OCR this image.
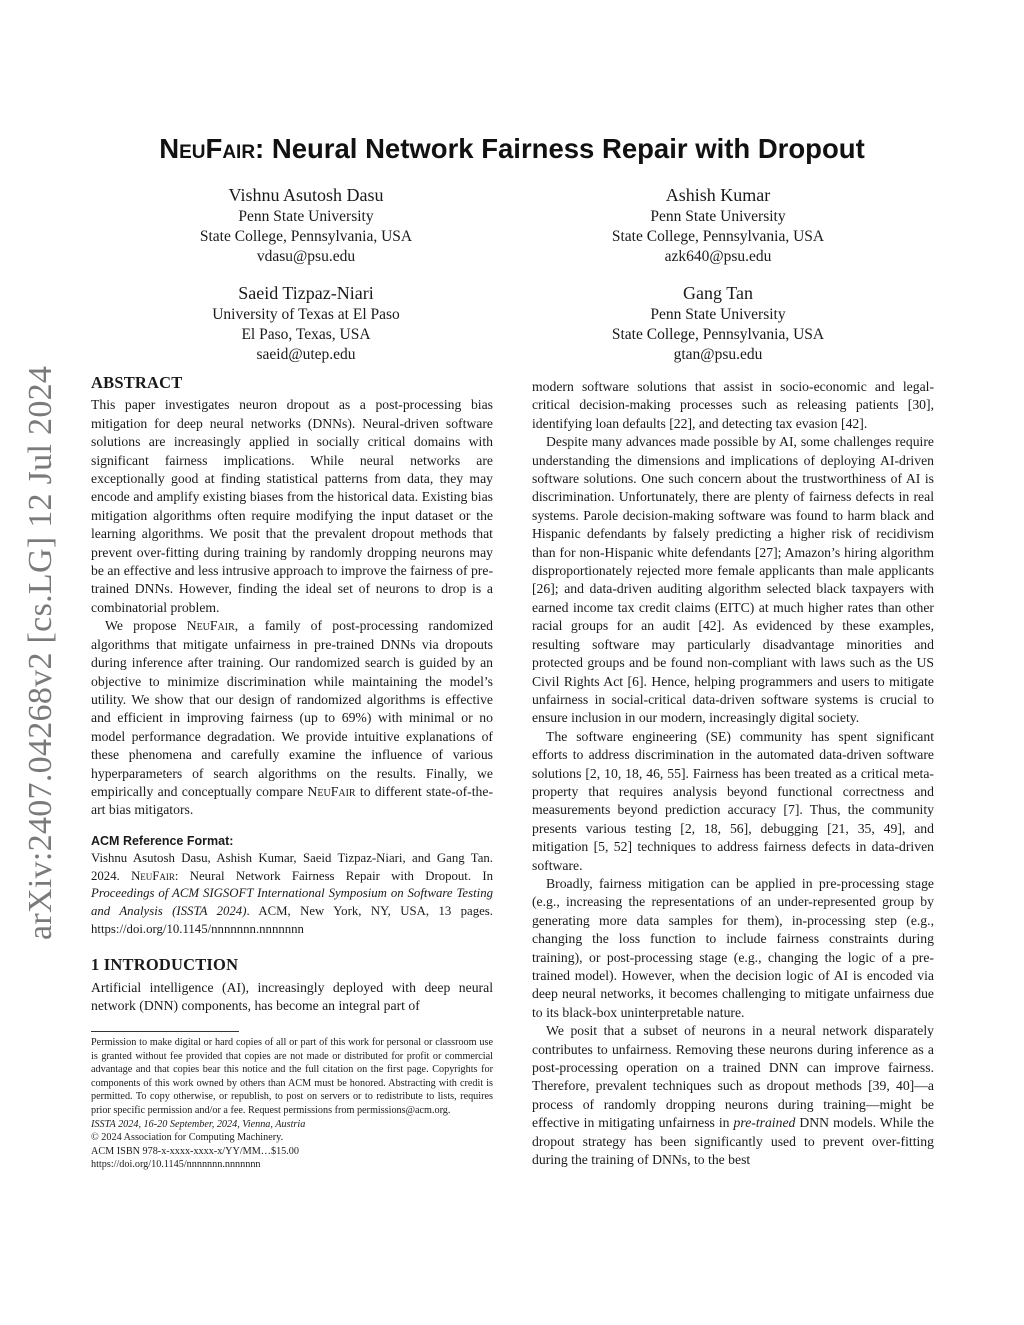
arXiv:2407.04268v2 [cs.LG] 12 Jul 2024
NeuFair: Neural Network Fairness Repair with Dropout
Vishnu Asutosh Dasu
Penn State University
State College, Pennsylvania, USA
vdasu@psu.edu
Ashish Kumar
Penn State University
State College, Pennsylvania, USA
azk640@psu.edu
Saeid Tizpaz-Niari
University of Texas at El Paso
El Paso, Texas, USA
saeid@utep.edu
Gang Tan
Penn State University
State College, Pennsylvania, USA
gtan@psu.edu
ABSTRACT

This paper investigates neuron dropout as a post-processing bias mitigation for deep neural networks (DNNs). Neural-driven software solutions are increasingly applied in socially critical domains with significant fairness implications. While neural networks are exceptionally good at finding statistical patterns from data, they may encode and amplify existing biases from the historical data. Existing bias mitigation algorithms often require modifying the input dataset or the learning algorithms. We posit that the prevalent dropout methods that prevent over-fitting during training by randomly dropping neurons may be an effective and less intrusive approach to improve the fairness of pre-trained DNNs. However, finding the ideal set of neurons to drop is a combinatorial problem.

We propose NeuFair, a family of post-processing randomized algorithms that mitigate unfairness in pre-trained DNNs via dropouts during inference after training. Our randomized search is guided by an objective to minimize discrimination while maintaining the model’s utility. We show that our design of randomized algorithms is effective and efficient in improving fairness (up to 69%) with minimal or no model performance degradation. We provide intuitive explanations of these phenomena and carefully examine the influence of various hyperparameters of search algorithms on the results. Finally, we empirically and conceptually compare NeuFair to different state-of-the-art bias mitigators.

ACM Reference Format:
Vishnu Asutosh Dasu, Ashish Kumar, Saeid Tizpaz-Niari, and Gang Tan. 2024. NeuFair: Neural Network Fairness Repair with Dropout. In Proceedings of ACM SIGSOFT International Symposium on Software Testing and Analysis (ISSTA 2024). ACM, New York, NY, USA, 13 pages. https://doi.org/10.1145/nnnnnnn.nnnnnnn
1 INTRODUCTION

Artificial intelligence (AI), increasingly deployed with deep neural network (DNN) components, has become an integral part of

Permission to make digital or hard copies of all or part of this work for personal or classroom use is granted without fee provided that copies are not made or distributed for profit or commercial advantage and that copies bear this notice and the full citation on the first page. Copyrights for components of this work owned by others than ACM must be honored. Abstracting with credit is permitted. To copy otherwise, or republish, to post on servers or to redistribute to lists, requires prior specific permission and/or a fee. Request permissions from permissions@acm.org.
ISSTA 2024, 16-20 September, 2024, Vienna, Austria
© 2024 Association for Computing Machinery.
ACM ISBN 978-x-xxxx-xxxx-x/YY/MM…$15.00
https://doi.org/10.1145/nnnnnnn.nnnnnnn

modern software solutions that assist in socio-economic and legal-critical decision-making processes such as releasing patients [30], identifying loan defaults [22], and detecting tax evasion [42].

Despite many advances made possible by AI, some challenges require understanding the dimensions and implications of deploying AI-driven software solutions. One such concern about the trustworthiness of AI is discrimination. Unfortunately, there are plenty of fairness defects in real systems. Parole decision-making software was found to harm black and Hispanic defendants by falsely predicting a higher risk of recidivism than for non-Hispanic white defendants [27]; Amazon’s hiring algorithm disproportionately rejected more female applicants than male applicants [26]; and data-driven auditing algorithm selected black taxpayers with earned income tax credit claims (EITC) at much higher rates than other racial groups for an audit [42]. As evidenced by these examples, resulting software may particularly disadvantage minorities and protected groups and be found non-compliant with laws such as the US Civil Rights Act [6]. Hence, helping programmers and users to mitigate unfairness in social-critical data-driven software systems is crucial to ensure inclusion in our modern, increasingly digital society.

The software engineering (SE) community has spent significant efforts to address discrimination in the automated data-driven software solutions [2, 10, 18, 46, 55]. Fairness has been treated as a critical meta-property that requires analysis beyond functional correctness and measurements beyond prediction accuracy [7]. Thus, the community presents various testing [2, 18, 56], debugging [21, 35, 49], and mitigation [5, 52] techniques to address fairness defects in data-driven software.

Broadly, fairness mitigation can be applied in pre-processing stage (e.g., increasing the representations of an under-represented group by generating more data samples for them), in-processing step (e.g., changing the loss function to include fairness constraints during training), or post-processing stage (e.g., changing the logic of a pre-trained model). However, when the decision logic of AI is encoded via deep neural networks, it becomes challenging to mitigate unfairness due to its black-box uninterpretable nature.

We posit that a subset of neurons in a neural network disparately contributes to unfairness. Removing these neurons during inference as a post-processing operation on a trained DNN can improve fairness. Therefore, prevalent techniques such as dropout methods [39, 40]—a process of randomly dropping neurons during training—might be effective in mitigating unfairness in pre-trained DNN models. While the dropout strategy has been significantly used to prevent over-fitting during the training of DNNs, to the best
